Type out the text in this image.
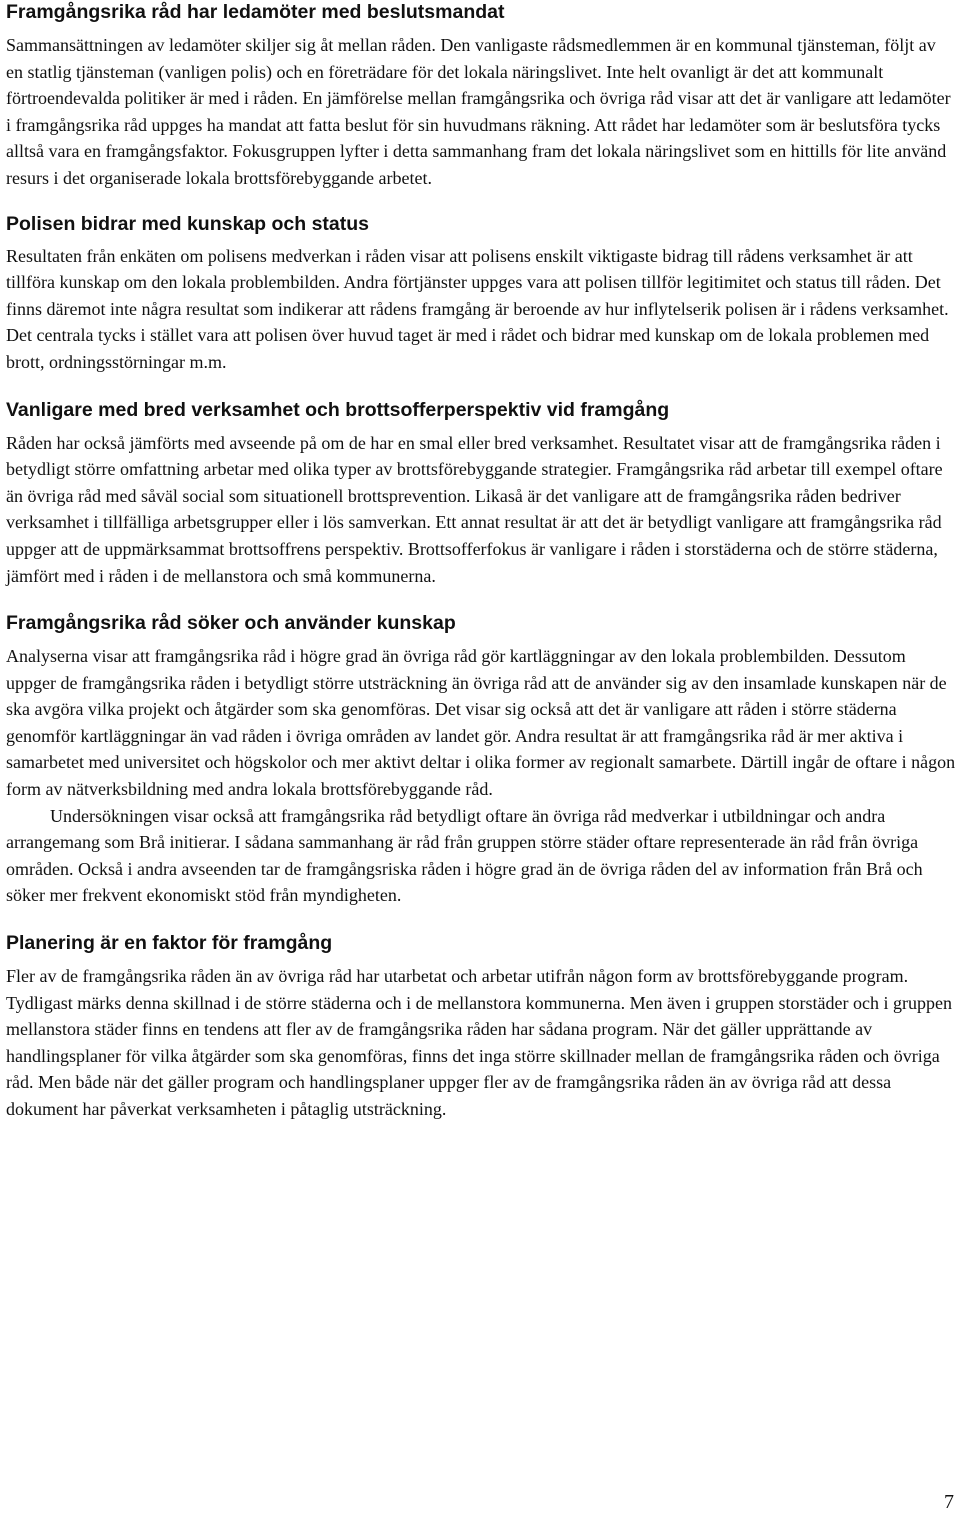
Framgångsrika råd har ledamöter med beslutsmandat

Sammansättningen av ledamöter skiljer sig åt mellan råden. Den vanligaste rådsmedlemmen är en kommunal tjänsteman, följt av en statlig tjänsteman (vanligen polis) och en företrädare för det lokala näringslivet. Inte helt ovanligt är det att kommunalt förtroendevalda politiker är med i råden. En jämförelse mellan framgångsrika och övriga råd visar att det är vanligare att ledamöter i framgångsrika råd uppges ha mandat att fatta beslut för sin huvudmans räkning. Att rådet har ledamöter som är beslutsföra tycks alltså vara en framgångsfaktor. Fokusgruppen lyfter i detta sammanhang fram det lokala näringslivet som en hittills för lite använd resurs i det organiserade lokala brottsförebyggande arbetet.

Polisen bidrar med kunskap och status

Resultaten från enkäten om polisens medverkan i råden visar att polisens enskilt viktigaste bidrag till rådens verksamhet är att tillföra kunskap om den lokala problembilden. Andra förtjänster uppges vara att polisen tillför legitimitet och status till råden. Det finns däremot inte några resultat som indikerar att rådens framgång är beroende av hur inflytelserik polisen är i rådens verksamhet. Det centrala tycks i stället vara att polisen över huvud taget är med i rådet och bidrar med kunskap om de lokala problemen med brott, ordningsstörningar m.m.

Vanligare med bred verksamhet och brottsofferperspektiv vid framgång

Råden har också jämförts med avseende på om de har en smal eller bred verksamhet. Resultatet visar att de framgångsrika råden i betydligt större omfattning arbetar med olika typer av brottsförebyggande strategier. Framgångsrika råd arbetar till exempel oftare än övriga råd med såväl social som situationell brottsprevention. Likaså är det vanligare att de framgångsrika råden bedriver verksamhet i tillfälliga arbetsgrupper eller i lös samverkan. Ett annat resultat är att det är betydligt vanligare att framgångsrika råd uppger att de uppmärksammat brottsoffrens perspektiv. Brottsofferfokus är vanligare i råden i storstäderna och de större städerna, jämfört med i råden i de mellanstora och små kommunerna.

Framgångsrika råd söker och använder kunskap

Analyserna visar att framgångsrika råd i högre grad än övriga råd gör kartläggningar av den lokala problembilden. Dessutom uppger de framgångsrika råden i betydligt större utsträckning än övriga råd att de använder sig av den insamlade kunskapen när de ska avgöra vilka projekt och åtgärder som ska genomföras. Det visar sig också att det är vanligare att råden i större städerna genomför kartläggningar än vad råden i övriga områden av landet gör. Andra resultat är att framgångsrika råd är mer aktiva i samarbetet med universitet och högskolor och mer aktivt deltar i olika former av regionalt samarbete. Därtill ingår de oftare i någon form av nätverksbildning med andra lokala brottsförebyggande råd.

Undersökningen visar också att framgångsrika råd betydligt oftare än övriga råd medverkar i utbildningar och andra arrangemang som Brå initierar. I sådana sammanhang är råd från gruppen större städer oftare representerade än råd från övriga områden. Också i andra avseenden tar de framgångsriska råden i högre grad än de övriga råden del av information från Brå och söker mer frekvent ekonomiskt stöd från myndigheten.

Planering är en faktor för framgång

Fler av de framgångsrika råden än av övriga råd har utarbetat och arbetar utifrån någon form av brottsförebyggande program. Tydligast märks denna skillnad i de större städerna och i de mellanstora kommunerna. Men även i gruppen storstäder och i gruppen mellanstora städer finns en tendens att fler av de framgångsrika råden har sådana program. När det gäller upprättande av handlingsplaner för vilka åtgärder som ska genomföras, finns det inga större skillnader mellan de framgångsrika råden och övriga råd. Men både när det gäller program och handlingsplaner uppger fler av de framgångsrika råden än av övriga råd att dessa dokument har påverkat verksamheten i påtaglig utsträckning.

7
